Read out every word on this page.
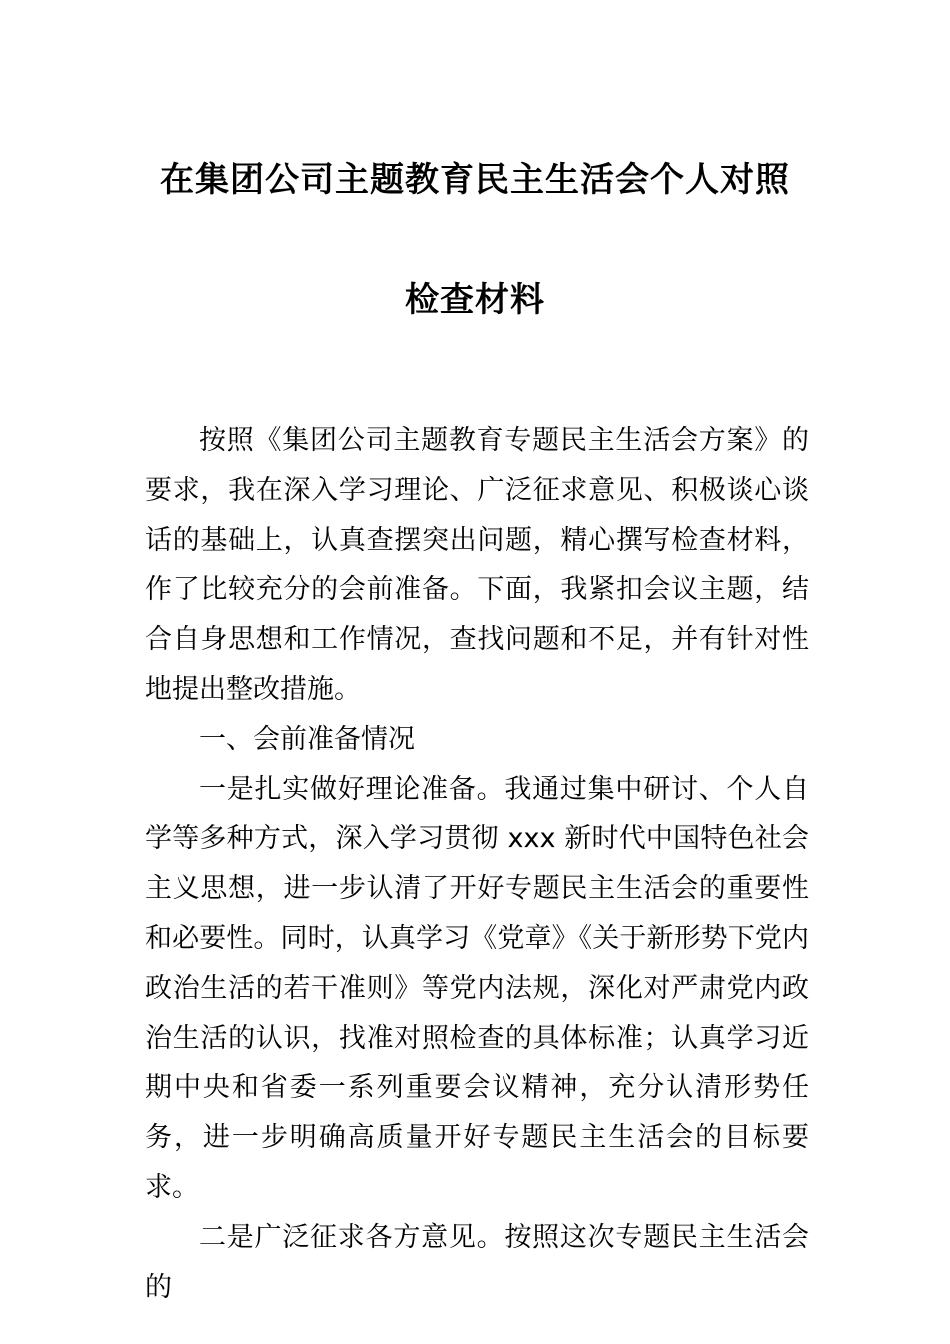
在集团公司主题教育民主生活会个人对照
检查材料

按照《集团公司主题教育专题民主生活会方案》的要求，我在深入学习理论、广泛征求意见、积极谈心谈话的基础上，认真查摆突出问题，精心撰写检查材料，作了比较充分的会前准备。下面，我紧扣会议主题，结合自身思想和工作情况，查找问题和不足，并有针对性地提出整改措施。

一、会前准备情况

一是扎实做好理论准备。我通过集中研讨、个人自学等多种方式，深入学习贯彻 xxx 新时代中国特色社会主义思想，进一步认清了开好专题民主生活会的重要性和必要性。同时，认真学习《党章》《关于新形势下党内政治生活的若干准则》等党内法规，深化对严肃党内政治生活的认识，找准对照检查的具体标准；认真学习近期中央和省委一系列重要会议精神，充分认清形势任务，进一步明确高质量开好专题民主生活会的目标要求。

二是广泛征求各方意见。按照这次专题民主生活会的
